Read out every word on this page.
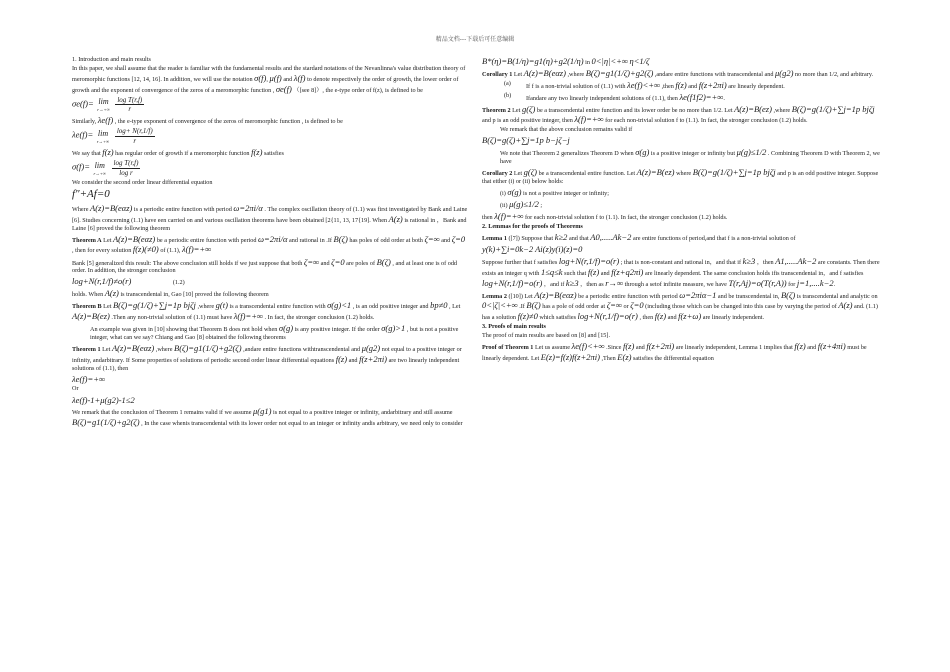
精品文档---下载后可任意编辑
1. Introduction and main results
In this paper, we shall assume that the reader is familiar with the fundamental results and the stardard notations of the Nevanlinna's value distribution theory of meromorphic functions [12, 14, 16]. In addition, we will use the notation σ(f), μ(f) and λ(f) to denote respectively the order of growth, the lower order of growth and the exponent of convergence of the zeros of a meromorphic function , σe(f) （[see 8]）, the e-type order of f(z), is defined to be
σe(f)= lim
r→+∞
$\frac{\text{log T(r,f)}}{r}$
Similarly, λe(f) , the e-type exponent of convergence of the zeros of meromorphic function , is defined to be
λe(f)= lim
r→+∞
$\frac{\log+ N(r,1/f)}{r}$
We say that f(z) has regular order of growth if a meromorphic function f(z) satisfies
σ(f)= lim
r→+∞
$\frac{\text{log T(r,f)}}{\text{log r}}$
We consider the second order linear differential equation
f″+Af=0
Where A(z)=B(eαz) is a periodic entire function with period ω=2πi/α . The complex oscillation theory of (1.1) was first investigated by Bank and Laine [6]. Studies concerning (1.1) have een carried on and various oscillation theorems have been obtained [2{11, 13, 17{19]. When A(z) is rational in ，Bank and Laine [6] proved the following theorem
Theorem A Let A(z)=B(eαz) be a periodic entire function with period ω=2πi/α and rational in .If B(ζ) has poles of odd order at both ζ=∞ and ζ=0 , then for every solution f(z)(≠0) of (1.1), λ(f)=+∞
Bank [5] generalized this result: The above conclusion still holds if we just suppose that both ζ=∞ and ζ=0 are poles of B(ζ) , and at least one is of odd order. In addition, the stronger conclusion
log+N(r,1/f)≠o(r)	(1.2)
holds. When A(z) is transcendental in, Gao [10] proved the following theorem
Theorem B Let B(ζ)=g(1/ζ)+∑j=1p bjζj ,where g(t) is a transcendental entire function with σ(g)<1 , is an odd positive integer and bp≠0 , Let A(z)=B(ez) .Then any non-trivial solution of (1.1) must have λ(f)=+∞ . In fact, the stronger conclusion (1.2) holds.
An example was given in [10] showing that Theorem B does not hold when σ(g) is any positive integer. If the order σ(g)>1 , but is not a positive integer, what can we say? Chiang and Gao [8] obtained the following theorems
Theorem 1 Let A(z)=B(eαz) ,where B(ζ)=g1(1/ζ)+g2(ζ) ,andare entire functions withtranscendental and μ(g2) not equal to a positive integer or infinity, andarbitrary. If Some properties of solutions of periodic second order linear differential equations f(z) and f(z+2πi) are two linearly independent solutions of (1.1), then
λe(f)=+∞
Or
λe(f)-1+μ(g2)-1≤2
We remark that the conclusion of Theorem 1 remains valid if we assume μ(g1) is not equal to a positive integer or infinity, andarbitrary and still assume B(ζ)=g1(1/ζ)+g2(ζ) , In the case whenis transcendental with its lower order not equal to an integer or infinity andis arbitrary, we need only to consider
B*(η)=B(1/η)=g1(η)+g2(1/η) in 0<|η|<+∞ η<1/ζ
Corollary 1 Let A(z)=B(eαz) ,where B(ζ)=g1(1/ζ)+g2(ζ) ,andare entire functions with transcendental and μ(g2) no more than 1/2, and arbitrary.
(a)	If f is a non-trivial solution of (1.1) with λe(f)<+∞ ,then f(z) and f(z+2πi) are linearly dependent.
(b)	Ifandare any two linearly independent solutions of (1.1), then λe(f1f2)=+∞.
Theorem 2 Let g(ζ) be a transcendental entire function and its lower order be no more than 1/2. Let A(z)=B(ez) ,where B(ζ)=g(1/ζ)+∑j=1p bjζj and p is an odd positive integer, then λ(f)=+∞ for each non-trivial solution f to (1.1). In fact, the stronger conclusion (1.2) holds.
We remark that the above conclusion remains valid if
B(ζ)=g(ζ)+∑j=1p b−jζ−j
We note that Theorem 2 generalizes Theorem D when σ(g) is a positive integer or infinity but μ(g)≤1/2 . Combining Theorem D with Theorem 2, we have
Corollary 2 Let g(ζ) be a transcendental entire function. Let A(z)=B(ez) where B(ζ)=g(1/ζ)+∑j=1p bjζj and p is an odd positive integer. Suppose that either (i) or (ii) below holds:
(i) σ(g) is not a positive integer or infinity;
(ii) μ(g)≤1/2 ;
then λ(f)=+∞ for each non-trivial solution f to (1.1). In fact, the stronger conclusion (1.2) holds.
2. Lemmas for the proofs of Theorems
Lemma 1 ([7]) Suppose that k≥2 and that A0,.....Ak−2 are entire functions of period,and that f is a non-trivial solution of
y(k)+∑i=0k−2 Ai(z)y(i)(z)=0
Suppose further that f satisfies log+N(r,1/f)=o(r) ; that is non-constant and rational in，and that if k≥3 ，then A1,.....Ak−2 are constants. Then there exists an integer q with 1≤q≤k such that f(z) and f(z+q2πi) are linearly dependent. The same conclusion holds ifis transcendental in，and f satisfies log+N(r,1/f)=o(r) ，and if k≥3 ，then as r→∞ through a setof infinite measure, we have T(r,Aj)=o(T(r,A)) for j=1,....k−2.
Lemma 2 ([10]) Let A(z)=B(eαz) be a periodic entire function with period ω=2πiα−1 and be transcendental in, B(ζ) is transcendental and analytic on 0<|ζ|<+∞ .If B(ζ) has a pole of odd order at ζ=∞ or ζ=0 (including those which can be changed into this case by varying the period of A(z) and. (1.1) has a solution f(z)≠0 which satisfies log+N(r,1/f)=o(r) , then f(z) and f(z+ω) are linearly independent.
3. Proofs of main results
The proof of main results are based on [8] and [15].
Proof of Theorem 1 Let us assume λe(f)<+∞ .Since f(z) and f(z+2πi) are linearly independent, Lemma 1 implies that f(z) and f(z+4πi) must be linearly dependent. Let E(z)=f(z)f(z+2πi) ,Then E(z) satisfies the differential equation
